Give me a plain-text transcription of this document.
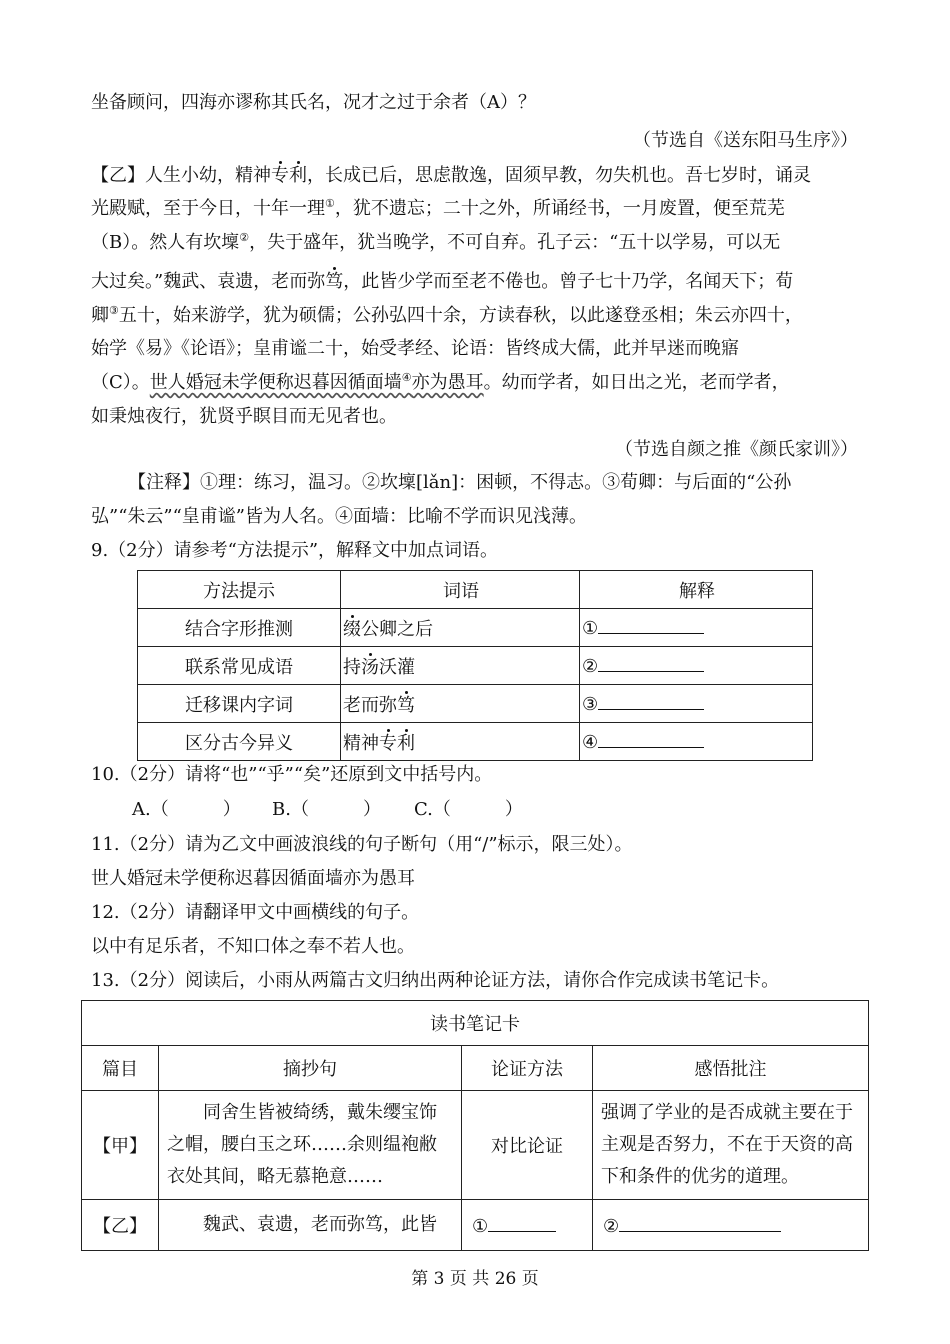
坐备顾问，四海亦谬称其氏名，况才之过于余者（A）？
（节选自《送东阳马生序》）
【乙】人生小幼，精神专利，长成已后，思虑散逸，固须早教，勿失机也。吾七岁时，诵灵
光殿赋，至于今日，十年一理①，犹不遗忘；二十之外，所诵经书，一月废置，便至荒芜
（B）。然人有坎壈②，失于盛年，犹当晚学，不可自弃。孔子云：“五十以学易，可以无
大过矣。”魏武、袁遗，老而弥笃，此皆少学而至老不倦也。曾子七十乃学，名闻天下；荀
卿③五十，始来游学，犹为硕儒；公孙弘四十余，方读春秋，以此遂登丞相；朱云亦四十，
始学《易》《论语》；皇甫谧二十，始受孝经、论语：皆终成大儒，此并早迷而晚寤
（C）。世人婚冠未学便称迟暮因循面墙④亦为愚耳。幼而学者，如日出之光，老而学者，
如秉烛夜行，犹贤乎瞑目而无见者也。
（节选自颜之推《颜氏家训》）
【注释】①理：练习，温习。②坎壈[lǎn]：困顿，不得志。③荀卿：与后面的“公孙
弘”“朱云”“皇甫谧”皆为人名。④面墙：比喻不学而识见浅薄。
9.（2分）请参考“方法提示”，解释文中加点词语。
方法提示	词语	解释
结合字形推测	缀公卿之后	①
联系常见成语	持汤沃灌	②
迁移课内字词	老而弥笃	③
区分古今异义	精神专利	④
10.（2分）请将“也”“乎”“矣”还原到文中括号内。
A.（　　　） B.（　　　） C.（　　　）
11.（2分）请为乙文中画波浪线的句子断句（用“/”标示，限三处）。
世人婚冠未学便称迟暮因循面墙亦为愚耳
12.（2分）请翻译甲文中画横线的句子。
以中有足乐者，不知口体之奉不若人也。
13.（2分）阅读后，小雨从两篇古文归纳出两种论证方法，请你合作完成读书笔记卡。
读书笔记卡			
篇目	摘抄句	论证方法	感悟批注
【甲】	同舍生皆被绮绣，戴朱缨宝饰之帽，腰白玉之环……余则缊袍敝衣处其间，略无慕艳意……	对比论证	强调了学业的是否成就主要在于主观是否努力，不在于天资的高下和条件的优劣的道理。
【乙】	魏武、袁遗，老而弥笃，此皆	①	②
第 3 页 共 26 页
